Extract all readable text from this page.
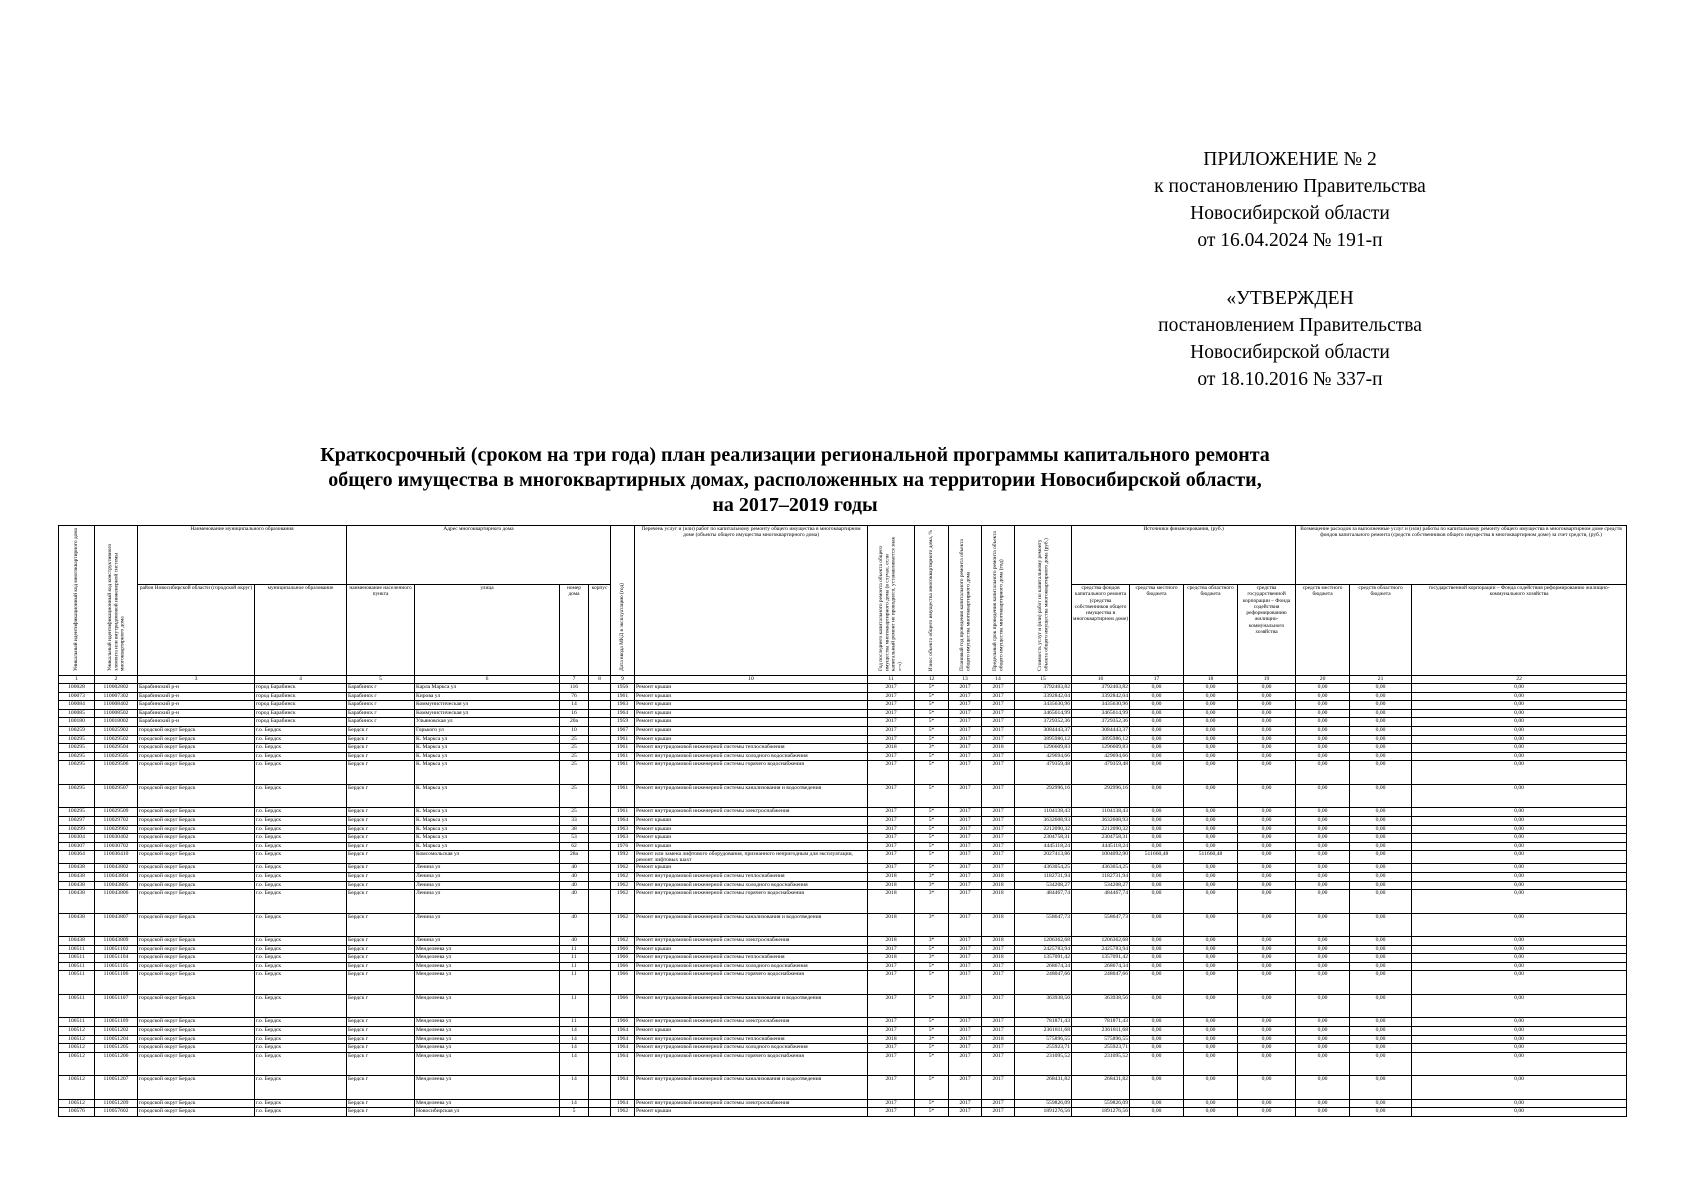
ПРИЛОЖЕНИЕ № 2
к постановлению Правительства
Новосибирской области
от 16.04.2024 № 191-п
«УТВЕРЖДЕН
постановлением Правительства
Новосибирской области
от 18.10.2016 № 337-п
Краткосрочный (сроком на три года) план реализации региональной программы капитального ремонта
общего имущества в многоквартирных домах, расположенных на территории Новосибирской области,
на 2017–2019 годы
Уникальный идентификационный код многоквартирного дома	Уникальный идентификационный код конструктивного элемента или внутридомовой инженерной системы многоквартирного дома	Наименование муниципального образования		Адрес многоквартирного дома				Дата ввода МКД в эксплуатацию (год)	Перечень услуг и (или) работ по капитальному ремонту общего имущества в многоквартирном доме (объекты общего имущества многоквартирного дома)	Год последнего капитального ремонта объекта общего имущества многоквартирного дома (в случае, если капитальный ремонт не проводился, устанавливается знак «-»)	Износ объекта общего имущества многоквартирного дома, %	Плановый год проведения капитального ремонта объекта общего имущества многоквартирного дома	Предельный срок проведения капитального ремонта объекта общего имущества многоквартирного дома (год)	Стоимость услуг и (или) работ по капитальному ремонту объекта общего имущества многоквартирного дома (руб.)	Источники финансирования, (руб.)				Возмещение расходов за выполненные услуг и (или) работы по капитальному ремонту общего имущества в многоквартирном доме средств фондов капитального ремонта (средств собственников общего имущества в многоквартирном доме) за счет средств, (руб.)		
		район Новосибирской области (городской округ)	муниципальное образование	наименование населенного пункта	улица	номер дома	корпус								средства фондов капитального ремонта (средства собственников общего имущества в многоквартирном доме)	средства местного бюджета	средства областного бюджета	средства государственной корпорации – Фонда содействия реформированию жилищно-коммунального хозяйства	средств местного бюджета	средств областного бюджета	государственной корпорации – Фонда содействия реформированию жилищно-коммунального хозяйства
1	2	3	4	5	6	7	8	9	10	11	12	13	14	15	16	17	18	19	20	21	22
100028	110002802	Барабинский р-н	город Барабинск	Барабинск г	Карла Маркса ул	116		1956	Ремонт крыши	2017	5*	2017	2017	3792403,82	3792403,82	0,00	0,00	0,00	0,00	0,00	0,00
100073	110007302	Барабинский р-н	город Барабинск	Барабинск г	Кирова ул	76		1961	Ремонт крыши	2017	5*	2017	2017	3392842,04	3392842,04	0,00	0,00	0,00	0,00	0,00	0,00
100084	110008402	Барабинский р-н	город Барабинск	Барабинск г	Коммунистическая ул	14		1963	Ремонт крыши	2017	5*	2017	2017	3435630,96	3435630,96	0,00	0,00	0,00	0,00	0,00	0,00
100085	110008502	Барабинский р-н	город Барабинск	Барабинск г	Коммунистическая ул	16		1964	Ремонт крыши	2017	5*	2017	2017	3465614,99	3465614,99	0,00	0,00	0,00	0,00	0,00	0,00
100180	110018002	Барабинский р-н	город Барабинск	Барабинск г	Ульяновская ул	20а		1959	Ремонт крыши	2017	5*	2017	2017	3729352,36	3729352,36	0,00	0,00	0,00	0,00	0,00	0,00
100259	110025902	городской округ Бердск	г.о. Бердск	Бердск г	Горького ул	10		1967	Ремонт крыши	2017	5*	2017	2017	3084443,37	3084443,37	0,00	0,00	0,00	0,00	0,00	0,00
100295	110029502	городской округ Бердск	г.о. Бердск	Бердск г	К. Маркса ул	25		1961	Ремонт крыши	2017	5*	2017	2017	3895986,12	3895986,12	0,00	0,00	0,00	0,00	0,00	0,00
100295	110029504	городской округ Бердск	г.о. Бердск	Бердск г	К. Маркса ул	25		1961	Ремонт внутридомовой инженерной системы теплоснабжения	2018	3*	2017	2018	1296609,83	1296609,83	0,00	0,00	0,00	0,00	0,00	0,00
100295	110029505	городской округ Бердск	г.о. Бердск	Бердск г	К. Маркса ул	25		1961	Ремонт внутридомовой инженерной системы холодного водоснабжения	2017	5*	2017	2017	429694,66	429694,66	0,00	0,00	0,00	0,00	0,00	0,00
100295	110029506	городской округ Бердск	г.о. Бердск	Бердск г	К. Маркса ул	25		1961	Ремонт внутридомовой инженерной системы горячего водоснабжения	2017	5*	2017	2017	479359,48	479359,48	0,00	0,00	0,00	0,00	0,00	0,00
100295	110029507	городской округ Бердск	г.о. Бердск	Бердск г	К. Маркса ул	25		1961	Ремонт внутридомовой инженерной системы канализования и водоотведения	2017	5*	2017	2017	292996,16	292996,16	0,00	0,00	0,00	0,00	0,00	0,00
100295	110029509	городской округ Бердск	г.о. Бердск	Бердск г	К. Маркса ул	25		1961	Ремонт внутридомовой инженерной системы электроснабжения	2017	5*	2017	2017	1104138,43	1104138,43	0,00	0,00	0,00	0,00	0,00	0,00
100297	110029702	городской округ Бердск	г.о. Бердск	Бердск г	К. Маркса ул	33		1964	Ремонт крыши	2017	5*	2017	2017	3632608,93	3632608,93	0,00	0,00	0,00	0,00	0,00	0,00
100299	110029902	городской округ Бердск	г.о. Бердск	Бердск г	К. Маркса ул	38		1963	Ремонт крыши	2017	5*	2017	2017	2212090,32	2212090,32	0,00	0,00	0,00	0,00	0,00	0,00
100304	110030402	городской округ Бердск	г.о. Бердск	Бердск г	К. Маркса ул	53		1963	Ремонт крыши	2017	5*	2017	2017	2304758,31	2304758,31	0,00	0,00	0,00	0,00	0,00	0,00
100307	110030702	городской округ Бердск	г.о. Бердск	Бердск г	К. Маркса ул	62		1976	Ремонт крыши	2017	5*	2017	2017	4445118,24	4445118,24	0,00	0,00	0,00	0,00	0,00	0,00
100364	110036410	городской округ Бердск	г.о. Бердск	Бердск г	Комсомольская ул	28а		1992	Ремонт или замена лифтового оборудования, признанного непригодным для эксплуатации, ремонт лифтовых шахт	2017	5*	2017	2017	2027413,86	1004092,90	511660,48	511660,48	0,00	0,00	0,00	0,00
100438	110043802	городской округ Бердск	г.о. Бердск	Бердск г	Ленина ул	40		1962	Ремонт крыши	2017	5*	2017	2017	4363054,25	4363054,25	0,00	0,00	0,00	0,00	0,00	0,00
100438	110043804	городской округ Бердск	г.о. Бердск	Бердск г	Ленина ул	40		1962	Ремонт внутридомовой инженерной системы теплоснабжения	2018	3*	2017	2018	1182731,94	1182731,94	0,00	0,00	0,00	0,00	0,00	0,00
100438	110043805	городской округ Бердск	г.о. Бердск	Бердск г	Ленина ул	40		1962	Ремонт внутридомовой инженерной системы холодного водоснабжения	2018	3*	2017	2018	534208,27	534208,27	0,00	0,00	0,00	0,00	0,00	0,00
100438	110043806	городской округ Бердск	г.о. Бердск	Бердск г	Ленина ул	40		1962	Ремонт внутридомовой инженерной системы горячего водоснабжения	2018	3*	2017	2018	484467,74	484467,74	0,00	0,00	0,00	0,00	0,00	0,00
100438	110043807	городской округ Бердск	г.о. Бердск	Бердск г	Ленина ул	40		1962	Ремонт внутридомовой инженерной системы канализования и водоотведения	2018	3*	2017	2018	558647,73	558647,73	0,00	0,00	0,00	0,00	0,00	0,00
100438	110043809	городской округ Бердск	г.о. Бердск	Бердск г	Ленина ул	40		1962	Ремонт внутридомовой инженерной системы электроснабжения	2018	3*	2017	2018	1206362,68	1206362,68	0,00	0,00	0,00	0,00	0,00	0,00
100511	110051102	городской округ Бердск	г.о. Бердск	Бердск г	Менделеева ул	11		1966	Ремонт крыши	2017	5*	2017	2017	2425783,94	2425783,94	0,00	0,00	0,00	0,00	0,00	0,00
100511	110051104	городской округ Бердск	г.о. Бердск	Бердск г	Менделеева ул	11		1966	Ремонт внутридомовой инженерной системы теплоснабжения	2018	3*	2017	2018	1357091,42	1357091,42	0,00	0,00	0,00	0,00	0,00	0,00
100511	110051105	городской округ Бердск	г.о. Бердск	Бердск г	Менделеева ул	11		1966	Ремонт внутридомовой инженерной системы холодного водоснабжения	2017	5*	2017	2017	268674,34	268674,34	0,00	0,00	0,00	0,00	0,00	0,00
100511	110051106	городской округ Бердск	г.о. Бердск	Бердск г	Менделеева ул	11		1966	Ремонт внутридомовой инженерной системы горячего водоснабжения	2017	5*	2017	2017	248047,66	248047,66	0,00	0,00	0,00	0,00	0,00	0,00
100511	110051107	городской округ Бердск	г.о. Бердск	Бердск г	Менделеева ул	11		1966	Ремонт внутридомовой инженерной системы канализования и водоотведения	2017	5*	2017	2017	363938,56	363938,56	0,00	0,00	0,00	0,00	0,00	0,00
100511	110051109	городской округ Бердск	г.о. Бердск	Бердск г	Менделеева ул	11		1966	Ремонт внутридомовой инженерной системы электроснабжения	2017	5*	2017	2017	781871,43	781871,43	0,00	0,00	0,00	0,00	0,00	0,00
100512	110051202	городской округ Бердск	г.о. Бердск	Бердск г	Менделеева ул	14		1964	Ремонт крыши	2017	5*	2017	2017	2361811,68	2361811,68	0,00	0,00	0,00	0,00	0,00	0,00
100512	110051204	городской округ Бердск	г.о. Бердск	Бердск г	Менделеева ул	14		1964	Ремонт внутридомовой инженерной системы теплоснабжения	2018	3*	2017	2018	575896,55	575896,55	0,00	0,00	0,00	0,00	0,00	0,00
100512	110051205	городской округ Бердск	г.о. Бердск	Бердск г	Менделеева ул	14		1964	Ремонт внутридомовой инженерной системы холодного водоснабжения	2017	5*	2017	2017	255923,71	255923,71	0,00	0,00	0,00	0,00	0,00	0,00
100512	110051206	городской округ Бердск	г.о. Бердск	Бердск г	Менделеева ул	14		1964	Ремонт внутридомовой инженерной системы горячего водоснабжения	2017	5*	2017	2017	231095,52	231095,52	0,00	0,00	0,00	0,00	0,00	0,00
100512	110051207	городской округ Бердск	г.о. Бердск	Бердск г	Менделеева ул	14		1964	Ремонт внутридомовой инженерной системы канализования и водоотведения	2017	5*	2017	2017	268431,82	268431,82	0,00	0,00	0,00	0,00	0,00	0,00
100512	110051209	городской округ Бердск	г.о. Бердск	Бердск г	Менделеева ул	14		1964	Ремонт внутридомовой инженерной системы электроснабжения	2017	5*	2017	2017	559826,09	559826,09	0,00	0,00	0,00	0,00	0,00	0,00
100576	110057602	городской округ Бердск	г.о. Бердск	Бердск г	Новосибирская ул	5		1962	Ремонт крыши	2017	5*	2017	2017	1891276,56	1891276,56	0,00	0,00	0,00	0,00	0,00	0,00
